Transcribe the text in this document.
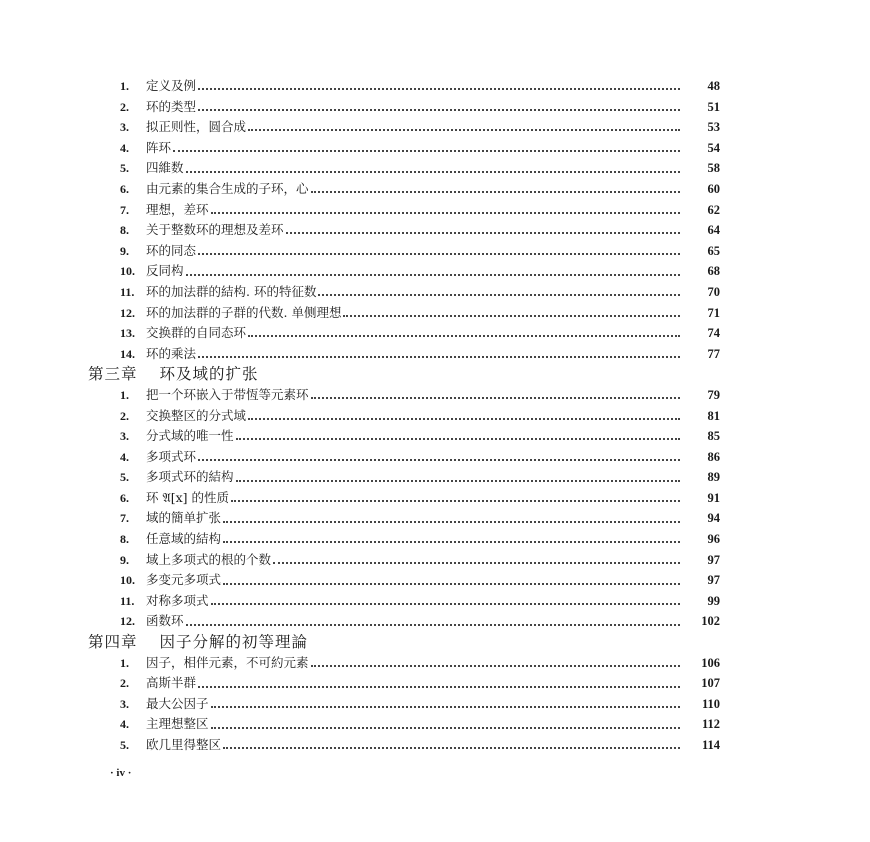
1.	定义及例	48
2.	环的类型	51
3.	拟正则性，圆合成	53
4.	阵环	54
5.	四維数	58
6.	由元素的集合生成的子环，心	60
7.	理想，差环	62
8.	关于整数环的理想及差环	64
9.	环的同态	65
10. 反同构	68
11. 环的加法群的結构. 环的特征数	70
12. 环的加法群的子群的代数. 单侧理想	71
13. 交换群的自同态环	74
14. 环的乘法	77
第三章 环及域的扩张
1.	把一个环嵌入于带恆等元素环	79
2.	交换整区的分式域	81
3.	分式域的唯一性	85
4.	多项式环	86
5.	多项式环的結构	89
6.	环 𝔄[x] 的性质	91
7.	域的簡单扩张	94
8.	任意域的結构	96
9.	域上多项式的根的个数	97
10. 多变元多项式	97
11. 对称多项式	99
12. 函数环	102
第四章 因子分解的初等理論
1.	因子，相伴元素，不可約元素	106
2.	高斯半群	107
3.	最大公因子	110
4.	主理想整区	112
5.	欧几里得整区	114
· iv ·
